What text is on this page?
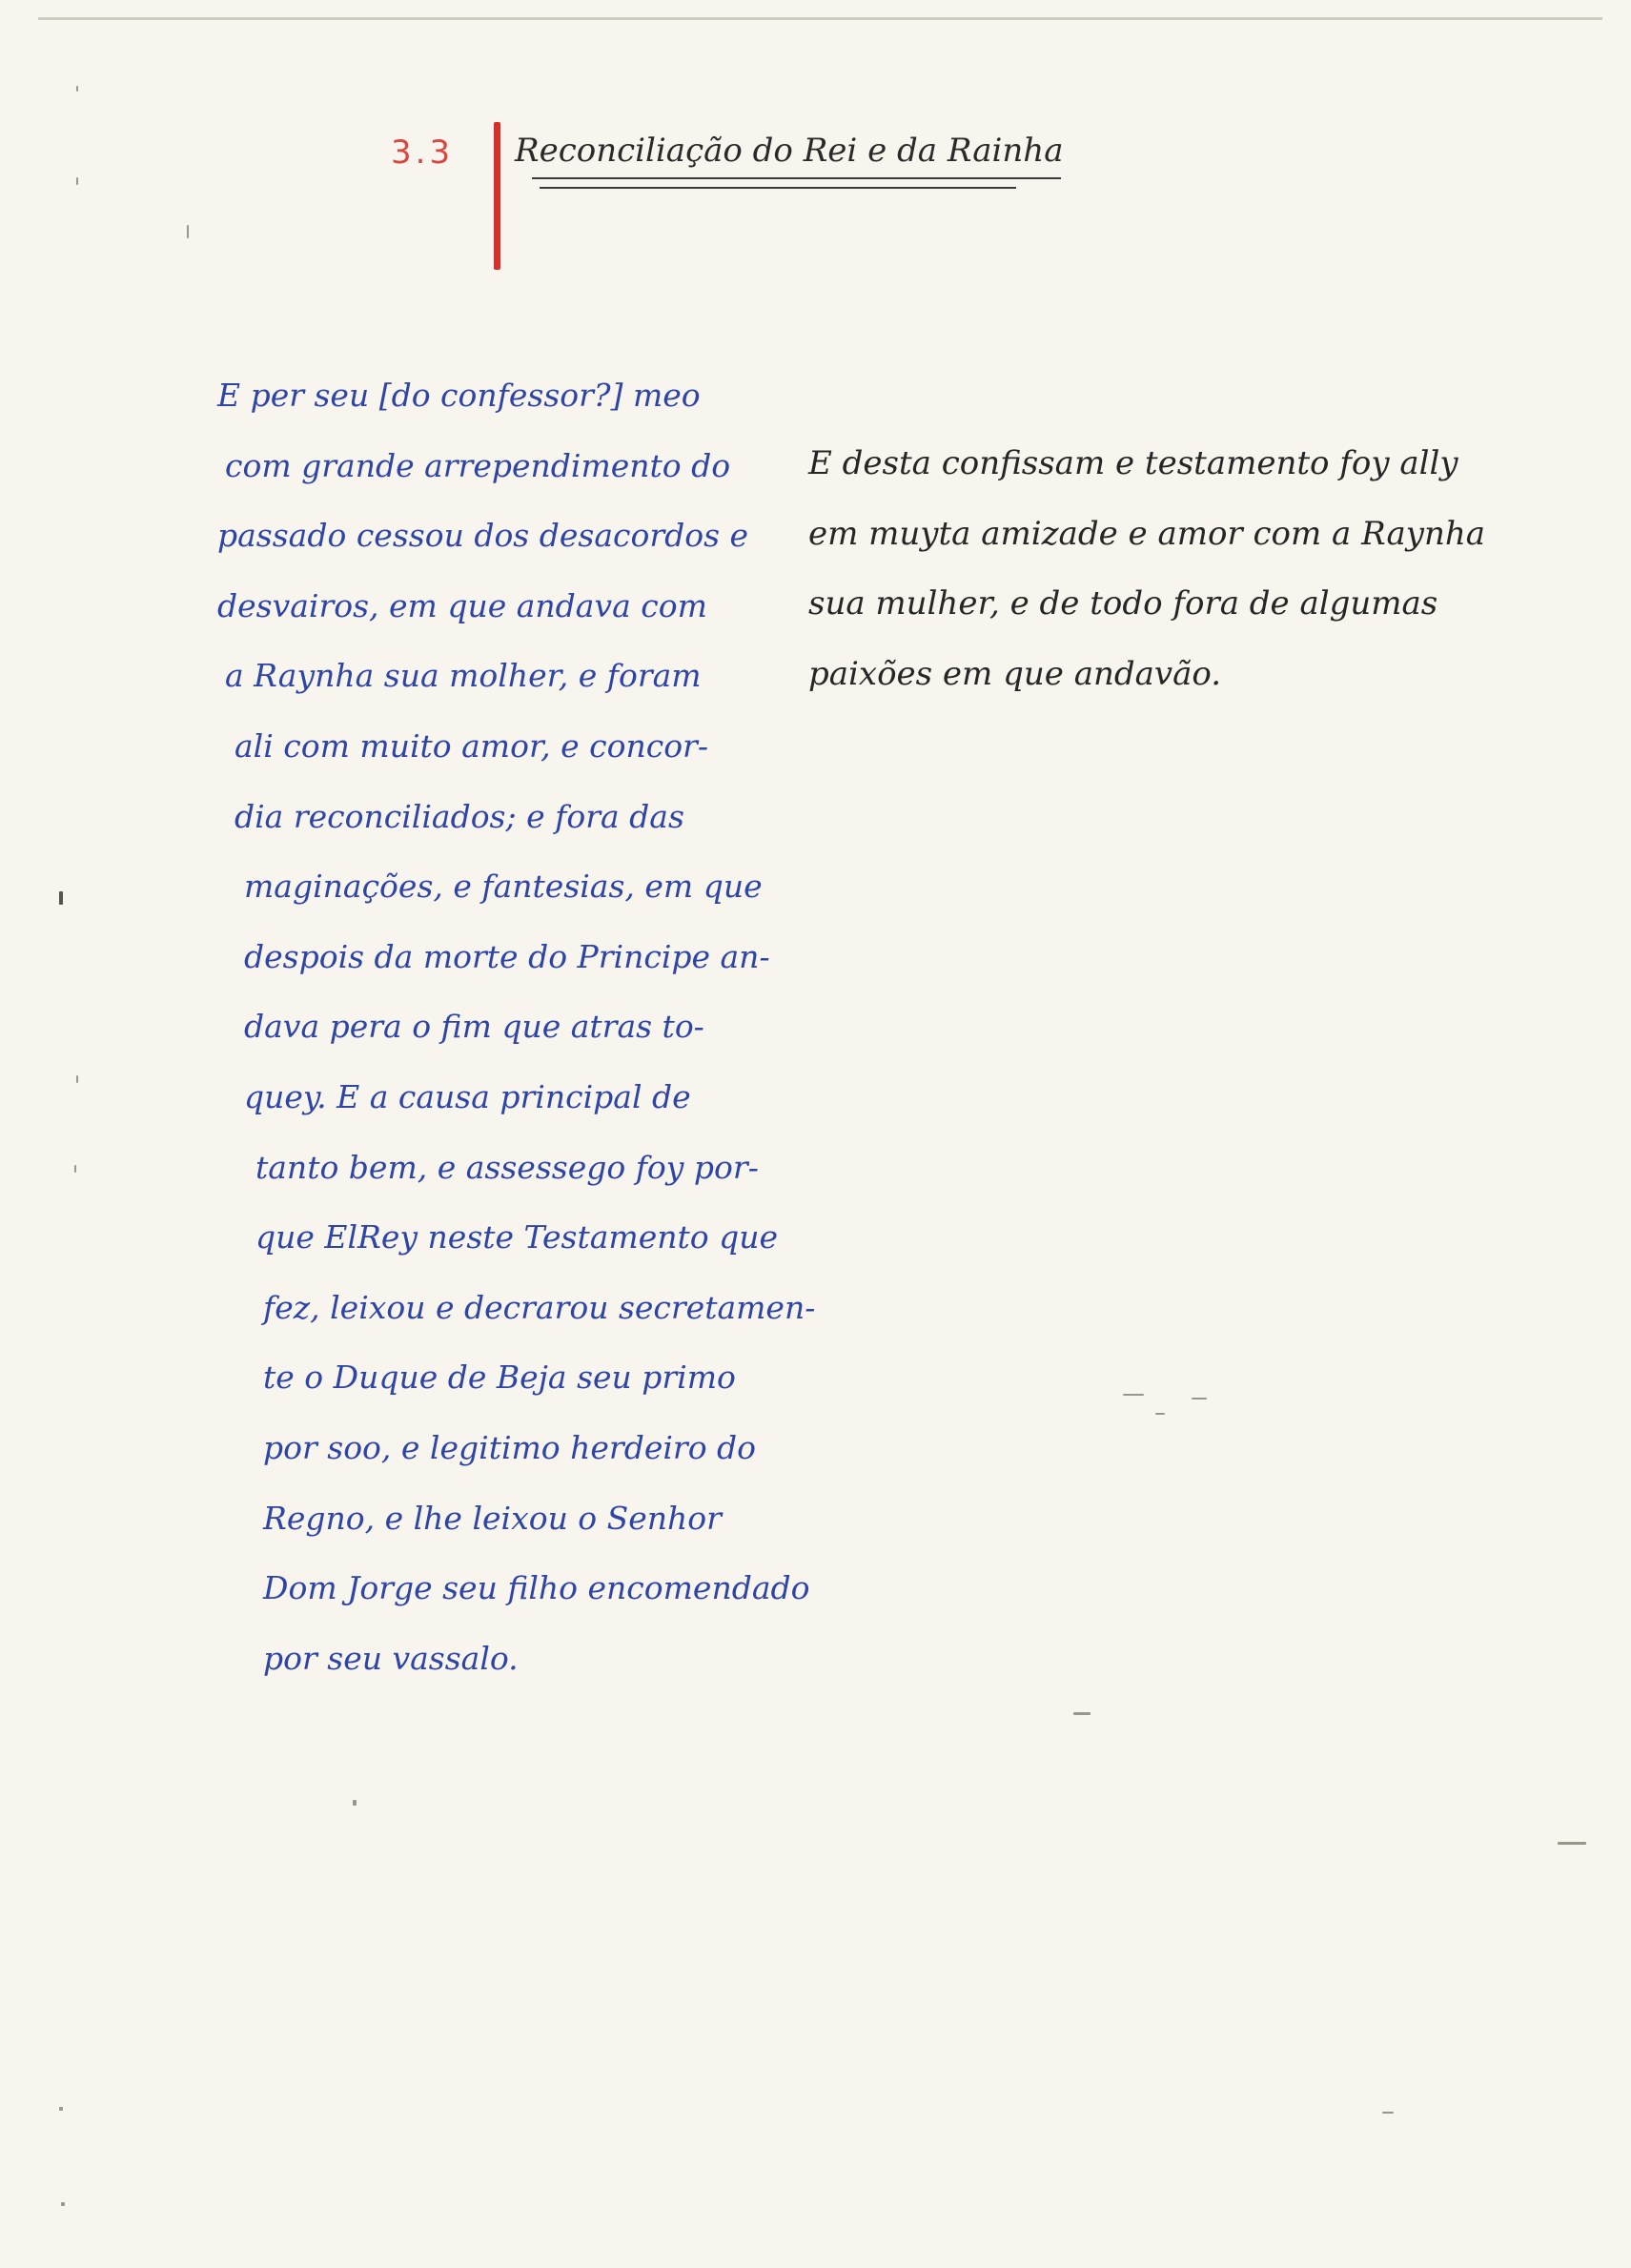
3.3 Reconciliação do Rei e da Rainha
E per seu [do confessor?] meo
com grande arrependimento do
passado cessou dos desacordos e
desvairos, em que andava com
a Raynha sua molher, e foram
ali com muito amor, e concor-
dia reconciliados; e fora das
maginações, e fantesias, em que
despois da morte do Principe an-
dava pera o fim que atras to-
quey. E a causa principal de
tanto bem, e assessego foy por-
que ElRey neste Testamento que
fez, leixou e decrarou secretamen-
te o Duque de Beja seu primo
por soo, e legitimo herdeiro do
Regno, e lhe leixou o Senhor
Dom Jorge seu filho encomendado
por seu vassalo.
E desta confissam e testamento foy ally
em muyta amizade e amor com a Raynha
sua mulher, e de todo fora de algumas
paixões em que andavão.
